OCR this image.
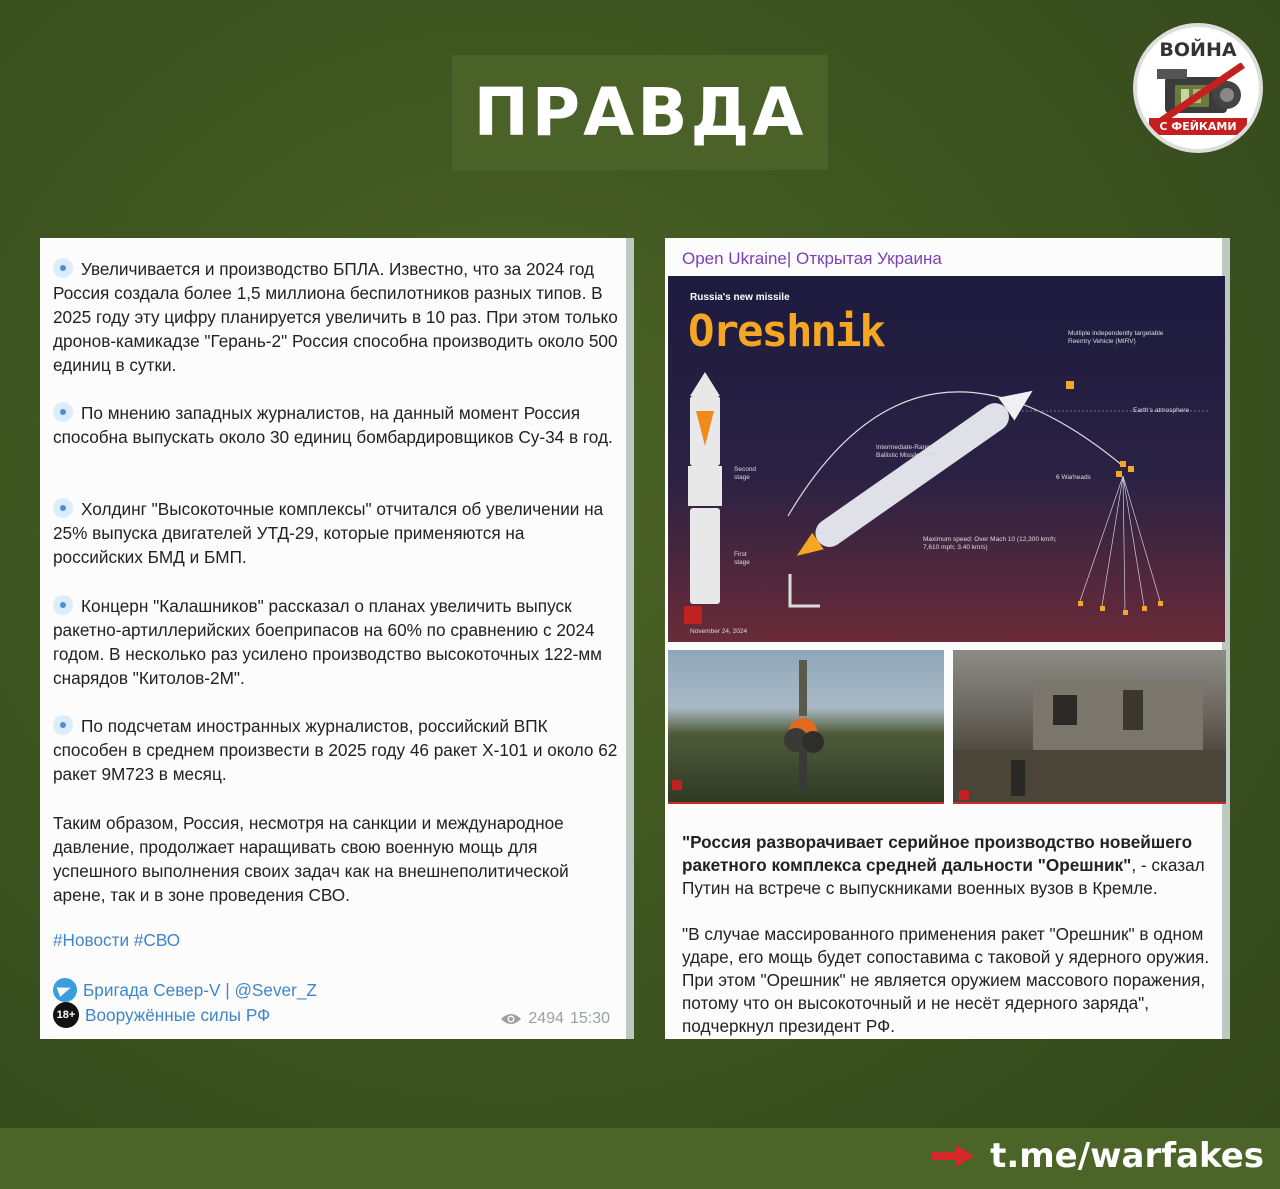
ПРАВДА
ВОЙНА
С ФЕЙКАМИ
Увеличивается и производство БПЛА. Известно, что за 2024 год Россия создала более 1,5 миллиона беспилотников разных типов. В 2025 году эту цифру планируется увеличить в 10 раз. При этом только дронов-камикадзе "Герань-2" Россия способна производить около 500 единиц в сутки.
По мнению западных журналистов, на данный момент Россия способна выпускать около 30 единиц бомбардировщиков Су-34 в год.
Холдинг "Высокоточные комплексы" отчитался об увеличении на 25% выпуска двигателей УТД-29, которые применяются на российских БМД и БМП.
Концерн "Калашников" рассказал о планах увеличить выпуск ракетно-артиллерийских боеприпасов на 60% по сравнению с 2024 годом. В несколько раз усилено производство высокоточных 122-мм снарядов "Китолов-2М".
По подсчетам иностранных журналистов, российский ВПК способен в среднем произвести в 2025 году 46 ракет Х-101 и около 62 ракет 9М723 в месяц.
Таким образом, Россия, несмотря на санкции и международное давление, продолжает наращивать свою военную мощь для успешного выполнения своих задач как на внешнеполитической арене, так и в зоне проведения СВО.
#Новости #СВО
Бригада Север-V | @Sever_Z
18+ Вооружённые силы РФ	2494 15:30
Open Ukraine| Открытая Украина
Russia's new missile
Oreshnik	Multiple independently targetable Reentry Vehicle (MIRV)
Earth's atmosphere
Intermediate-Range Ballistic Missile (IRBM)
6 Warheads
Second stage
First stage
Maximum speed: Over Mach 10 (12,300 km/h; 7,610 mph; 3.40 km/s)
November 24, 2024
"Россия разворачивает серийное производство новейшего ракетного комплекса средней дальности "Орешник", - сказал Путин на встрече с выпускниками военных вузов в Кремле.
"В случае массированного применения ракет "Орешник" в одном ударе, его мощь будет сопоставима с таковой у ядерного оружия. При этом "Орешник" не является оружием массового поражения, потому что он высокоточный и не несёт ядерного заряда", подчеркнул президент РФ.
t.me/warfakes
